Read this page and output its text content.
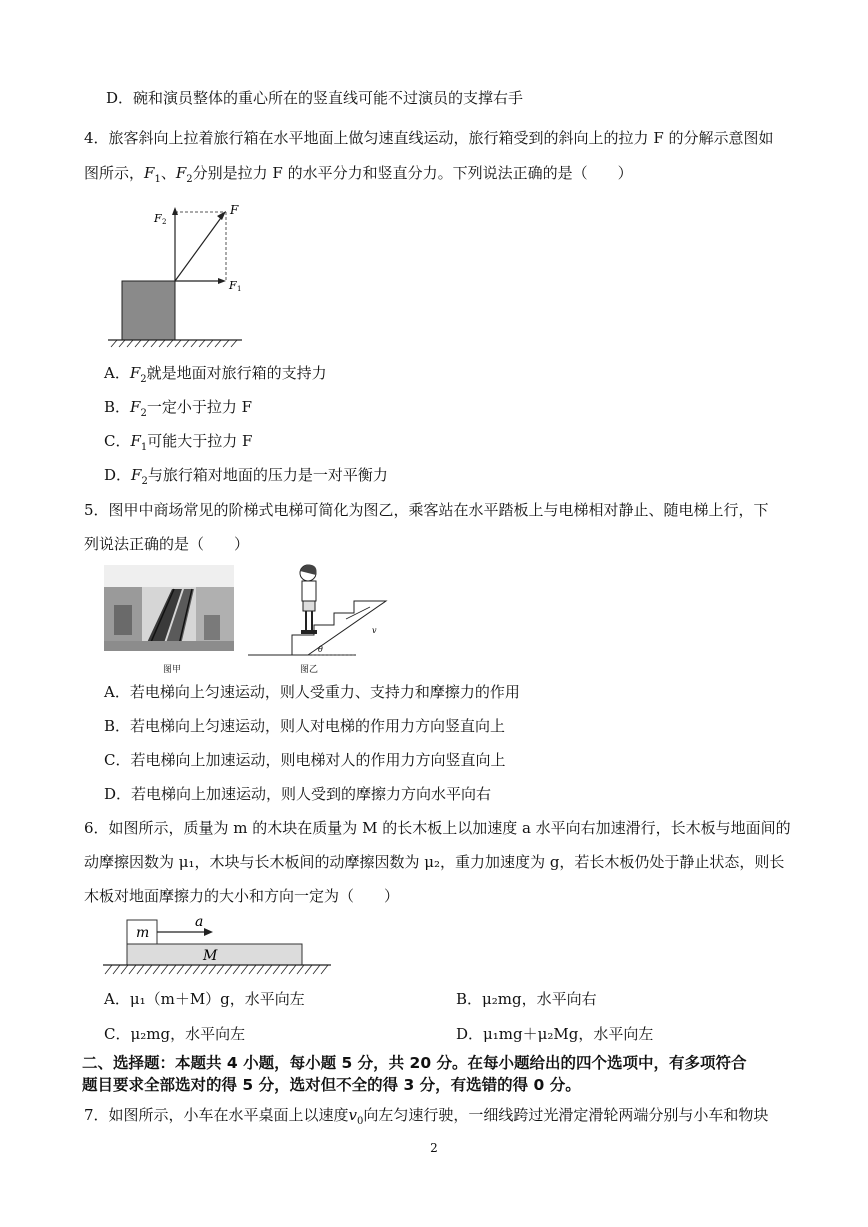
D．碗和演员整体的重心所在的竖直线可能不过演员的支撑右手
4．旅客斜向上拉着旅行箱在水平地面上做匀速直线运动，旅行箱受到的斜向上的拉力 F 的分解示意图如
图所示，$F_1$、$F_2$分别是拉力 F 的水平分力和竖直分力。下列说法正确的是（　　）
F
F 1
F 2
A．$F_2$就是地面对旅行箱的支持力
B．$F_2$一定小于拉力 F
C．$F_1$可能大于拉力 F
D．$F_2$与旅行箱对地面的压力是一对平衡力
5．图甲中商场常见的阶梯式电梯可简化为图乙，乘客站在水平踏板上与电梯相对静止、随电梯上行，下
列说法正确的是（　　）
图甲
v
θ
图乙
A．若电梯向上匀速运动，则人受重力、支持力和摩擦力的作用
B．若电梯向上匀速运动，则人对电梯的作用力方向竖直向上
C．若电梯向上加速运动，则电梯对人的作用力方向竖直向上
D．若电梯向上加速运动，则人受到的摩擦力方向水平向右
6．如图所示，质量为 m 的木块在质量为 M 的长木板上以加速度 a 水平向右加速滑行，长木板与地面间的
动摩擦因数为 μ₁，木块与长木板间的动摩擦因数为 μ₂，重力加速度为 g，若长木板仍处于静止状态，则长
木板对地面摩擦力的大小和方向一定为（　　）
m
M
a
A．μ₁（m＋M）g，水平向左	B．μ₂mg，水平向右
C．μ₂mg，水平向左	D．μ₁mg＋μ₂Mg，水平向左
二、选择题：本题共 4 小题，每小题 5 分，共 20 分。在每小题给出的四个选项中，有多项符合
题目要求全部选对的得 5 分，选对但不全的得 3 分，有选错的得 0 分。
7．如图所示，小车在水平桌面上以速度$v_0$向左匀速行驶，一细线跨过光滑定滑轮两端分别与小车和物块
2
